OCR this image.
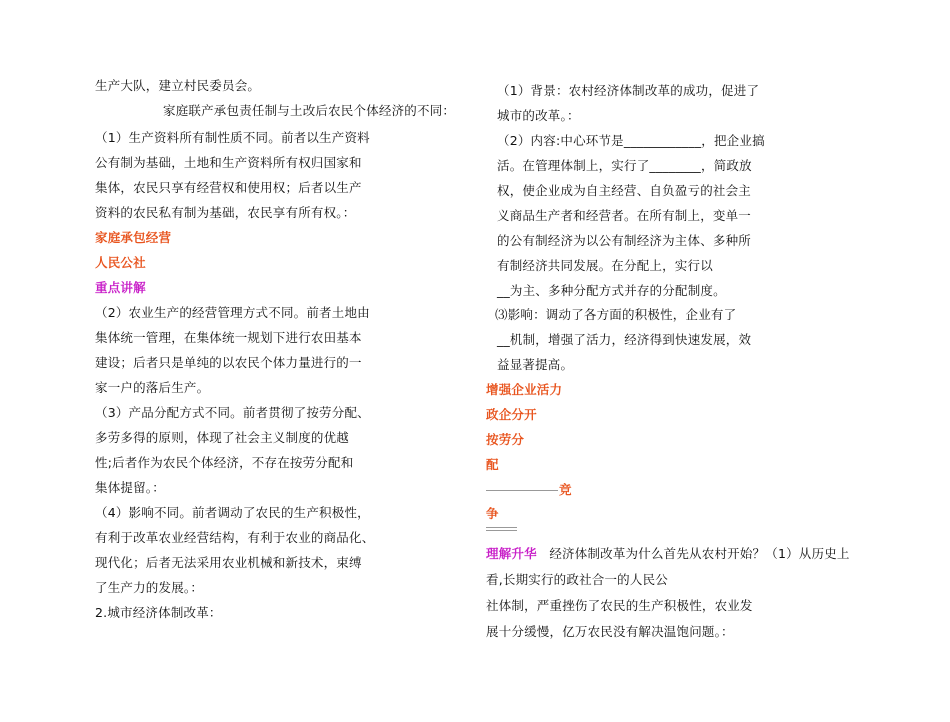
生产大队，建立村民委员会。
家庭联产承包责任制与土改后农民个体经济的不同：
（1）生产资料所有制性质不同。前者以生产资料
公有制为基础，土地和生产资料所有权归国家和
集体，农民只享有经营权和使用权；后者以生产
资料的农民私有制为基础，农民享有所有权。：
家庭承包经营
人民公社
重点讲解
（2）农业生产的经营管理方式不同。前者土地由
集体统一管理，在集体统一规划下进行农田基本
建设；后者只是单纯的以农民个体力量进行的一
家一户的落后生产。
（3）产品分配方式不同。前者贯彻了按劳分配、
多劳多得的原则，体现了社会主义制度的优越
性;后者作为农民个体经济，不存在按劳分配和
集体提留。：
（4）影响不同。前者调动了农民的生产积极性，
有利于改革农业经营结构，有利于农业的商品化、
现代化；后者无法采用农业机械和新技术，束缚
了生产力的发展。：
2.城市经济体制改革：
（1）背景：农村经济体制改革的成功，促进了
城市的改革。：
（2）内容:中心环节是____________，把企业搞
活。在管理体制上，实行了________，简政放
权，使企业成为自主经营、自负盈亏的社会主
义商品生产者和经营者。在所有制上，变单一
的公有制经济为以公有制经济为主体、多种所
有制经济共同发展。在分配上，实行以
__为主、多种分配方式并存的分配制度。
⑶影响：调动了各方面的积极性，企业有了
__机制，增强了活力，经济得到快速发展，效
益显著提高。
增强企业活力
政企分开
按劳分
配
竞
争
理解升华 经济体制改革为什么首先从农村开始？（1）从历史上
看,长期实行的政社合一的人民公
社体制，严重挫伤了农民的生产积极性，农业发
展十分缓慢，亿万农民没有解决温饱问题。：
